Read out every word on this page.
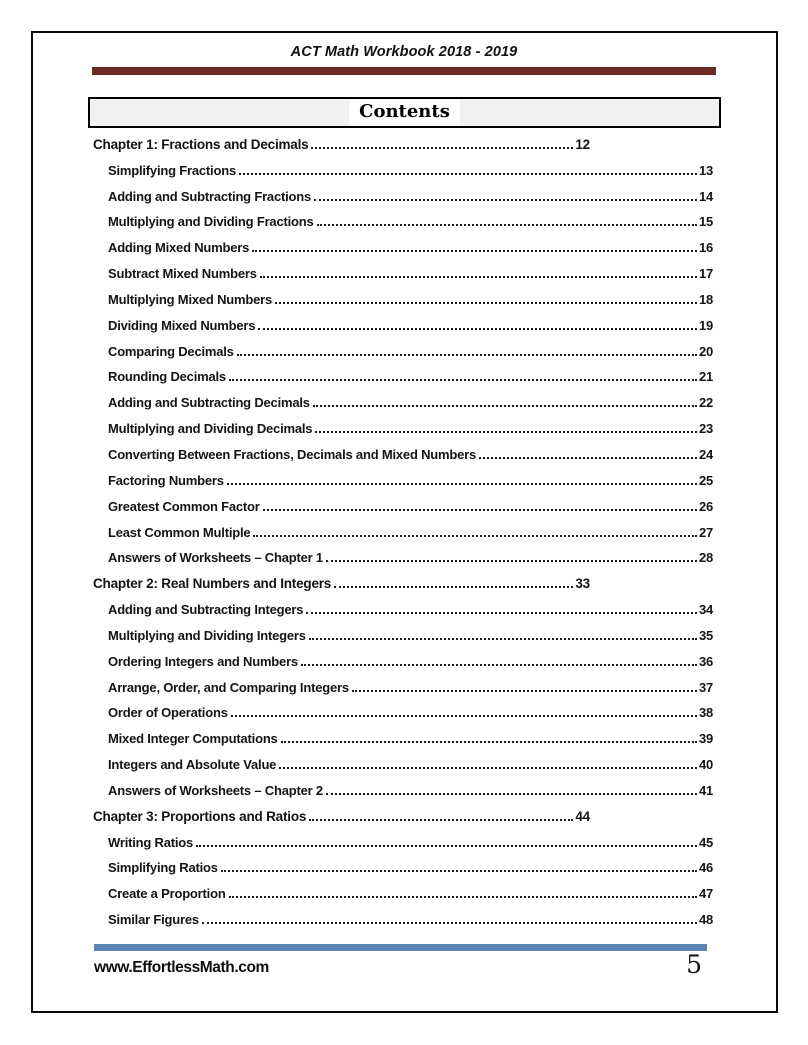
ACT Math Workbook 2018 - 2019
Contents
Chapter 1: Fractions and Decimals	12
Simplifying Fractions	13
Adding and Subtracting Fractions	14
Multiplying and Dividing Fractions	15
Adding Mixed Numbers	16
Subtract Mixed Numbers	17
Multiplying Mixed Numbers	18
Dividing Mixed Numbers	19
Comparing Decimals	20
Rounding Decimals	21
Adding and Subtracting Decimals	22
Multiplying and Dividing Decimals	23
Converting Between Fractions, Decimals and Mixed Numbers	24
Factoring Numbers	25
Greatest Common Factor	26
Least Common Multiple	27
Answers of Worksheets – Chapter 1	28
Chapter 2: Real Numbers and Integers	33
Adding and Subtracting Integers	34
Multiplying and Dividing Integers	35
Ordering Integers and Numbers	36
Arrange, Order, and Comparing Integers	37
Order of Operations	38
Mixed Integer Computations	39
Integers and Absolute Value	40
Answers of Worksheets – Chapter 2	41
Chapter 3: Proportions and Ratios	44
Writing Ratios	45
Simplifying Ratios	46
Create a Proportion	47
Similar Figures	48
www.EffortlessMath.com	5
